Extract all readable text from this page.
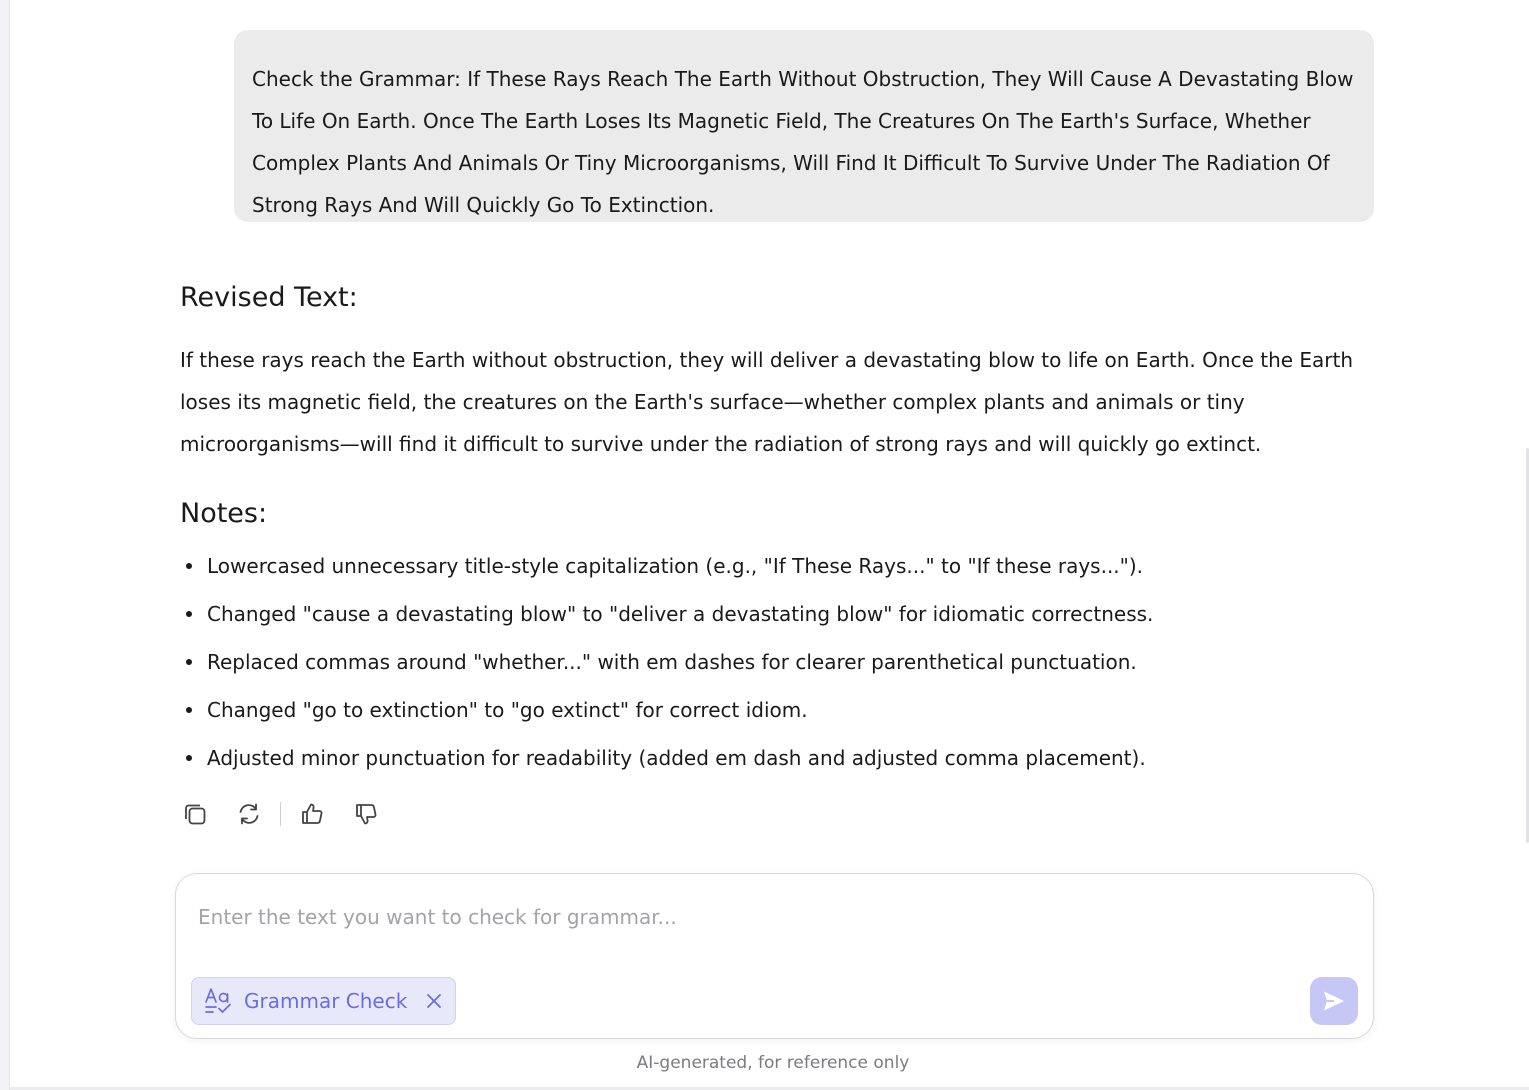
Check the Grammar: If These Rays Reach The Earth Without Obstruction, They Will Cause A Devastating Blow To Life On Earth. Once The Earth Loses Its Magnetic Field, The Creatures On The Earth's Surface, Whether Complex Plants And Animals Or Tiny Microorganisms, Will Find It Difficult To Survive Under The Radiation Of Strong Rays And Will Quickly Go To Extinction.
Revised Text:

If these rays reach the Earth without obstruction, they will deliver a devastating blow to life on Earth. Once the Earth loses its magnetic field, the creatures on the Earth's surface—whether complex plants and animals or tiny microorganisms—will find it difficult to survive under the radiation of strong rays and will quickly go extinct.

Notes:
Lowercased unnecessary title-style capitalization (e.g., "If These Rays..." to "If these rays...").
Changed "cause a devastating blow" to "deliver a devastating blow" for idiomatic correctness.
Replaced commas around "whether..." with em dashes for clearer parenthetical punctuation.
Changed "go to extinction" to "go extinct" for correct idiom.
Adjusted minor punctuation for readability (added em dash and adjusted comma placement).
Enter the text you want to check for grammar...
Grammar Check
AI-generated, for reference only
